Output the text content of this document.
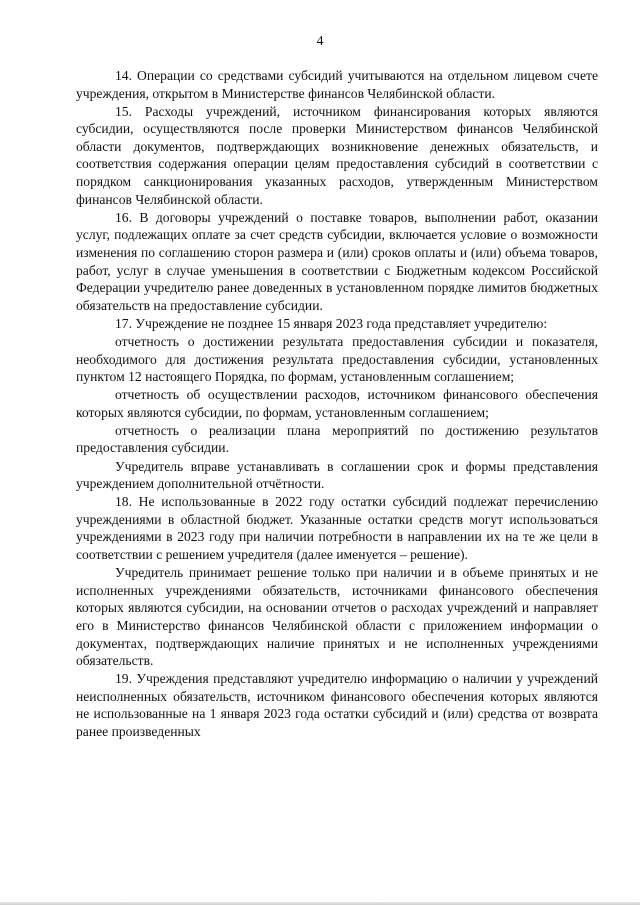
4

14. Операции со средствами субсидий учитываются на отдельном лицевом счете учреждения, открытом в Министерстве финансов Челябинской области.

15. Расходы учреждений, источником финансирования которых являются субсидии, осуществляются после проверки Министерством финансов Челябинской области документов, подтверждающих возникновение денежных обязательств, и соответствия содержания операции целям предоставления субсидий в соответствии с порядком санкционирования указанных расходов, утвержденным Министерством финансов Челябинской области.

16. В договоры учреждений о поставке товаров, выполнении работ, оказании услуг, подлежащих оплате за счет средств субсидии, включается условие о возможности изменения по соглашению сторон размера и (или) сроков оплаты и (или) объема товаров, работ, услуг в случае уменьшения в соответствии с Бюджетным кодексом Российской Федерации учредителю ранее доведенных в установленном порядке лимитов бюджетных обязательств на предоставление субсидии.

17. Учреждение не позднее 15 января 2023 года представляет учредителю:

отчетность о достижении результата предоставления субсидии и показателя, необходимого для достижения результата предоставления субсидии, установленных пунктом 12 настоящего Порядка, по формам, установленным соглашением;

отчетность об осуществлении расходов, источником финансового обеспечения которых являются субсидии, по формам, установленным соглашением;

отчетность о реализации плана мероприятий по достижению результатов предоставления субсидии.

Учредитель вправе устанавливать в соглашении срок и формы представления учреждением дополнительной отчётности.

18. Не использованные в 2022 году остатки субсидий подлежат перечислению учреждениями в областной бюджет. Указанные остатки средств могут использоваться учреждениями в 2023 году при наличии потребности в направлении их на те же цели в соответствии с решением учредителя (далее именуется – решение).

Учредитель принимает решение только при наличии и в объеме принятых и не исполненных учреждениями обязательств, источниками финансового обеспечения которых являются субсидии, на основании отчетов о расходах учреждений и направляет его в Министерство финансов Челябинской области с приложением информации о документах, подтверждающих наличие принятых и не исполненных учреждениями обязательств.

19. Учреждения представляют учредителю информацию о наличии у учреждений неисполненных обязательств, источником финансового обеспечения которых являются не использованные на 1 января 2023 года остатки субсидий и (или) средства от возврата ранее произведенных
